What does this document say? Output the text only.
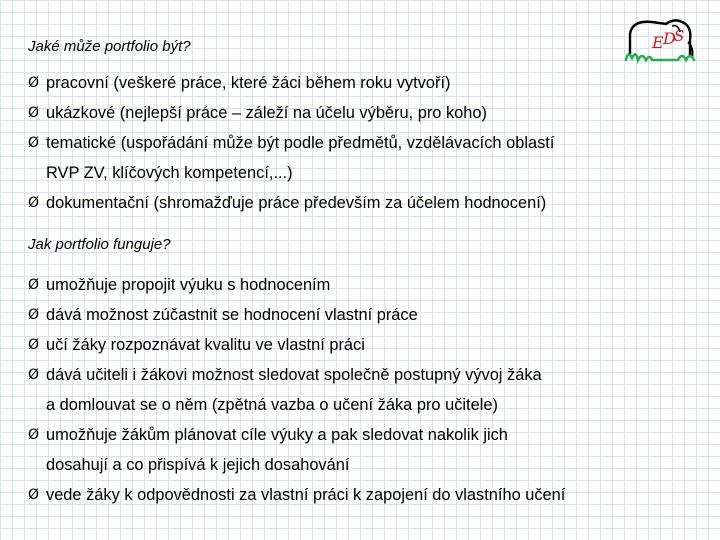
E D
S
Jaké může portfolio být?
Ø pracovní (veškeré práce, které žáci během roku vytvoří)
Ø ukázkové (nejlepší práce – záleží na účelu výběru, pro koho)
Ø tematické (uspořádání může být podle předmětů, vzdělávacích oblastí
RVP ZV, klíčových kompetencí,...)
Ø dokumentační (shromažďuje práce především za účelem hodnocení)
Jak portfolio funguje?
Ø umožňuje propojit výuku s hodnocením
Ø dává možnost zúčastnit se hodnocení vlastní práce
Ø učí žáky rozpoznávat kvalitu ve vlastní práci
Ø dává učiteli i žákovi možnost sledovat společně postupný vývoj žáka
a domlouvat se o něm (zpětná vazba o učení žáka pro učitele)
Ø umožňuje žákům plánovat cíle výuky a pak sledovat nakolik jich
dosahují a co přispívá k jejich dosahování
Ø vede žáky k odpovědnosti za vlastní práci k zapojení do vlastního učení
